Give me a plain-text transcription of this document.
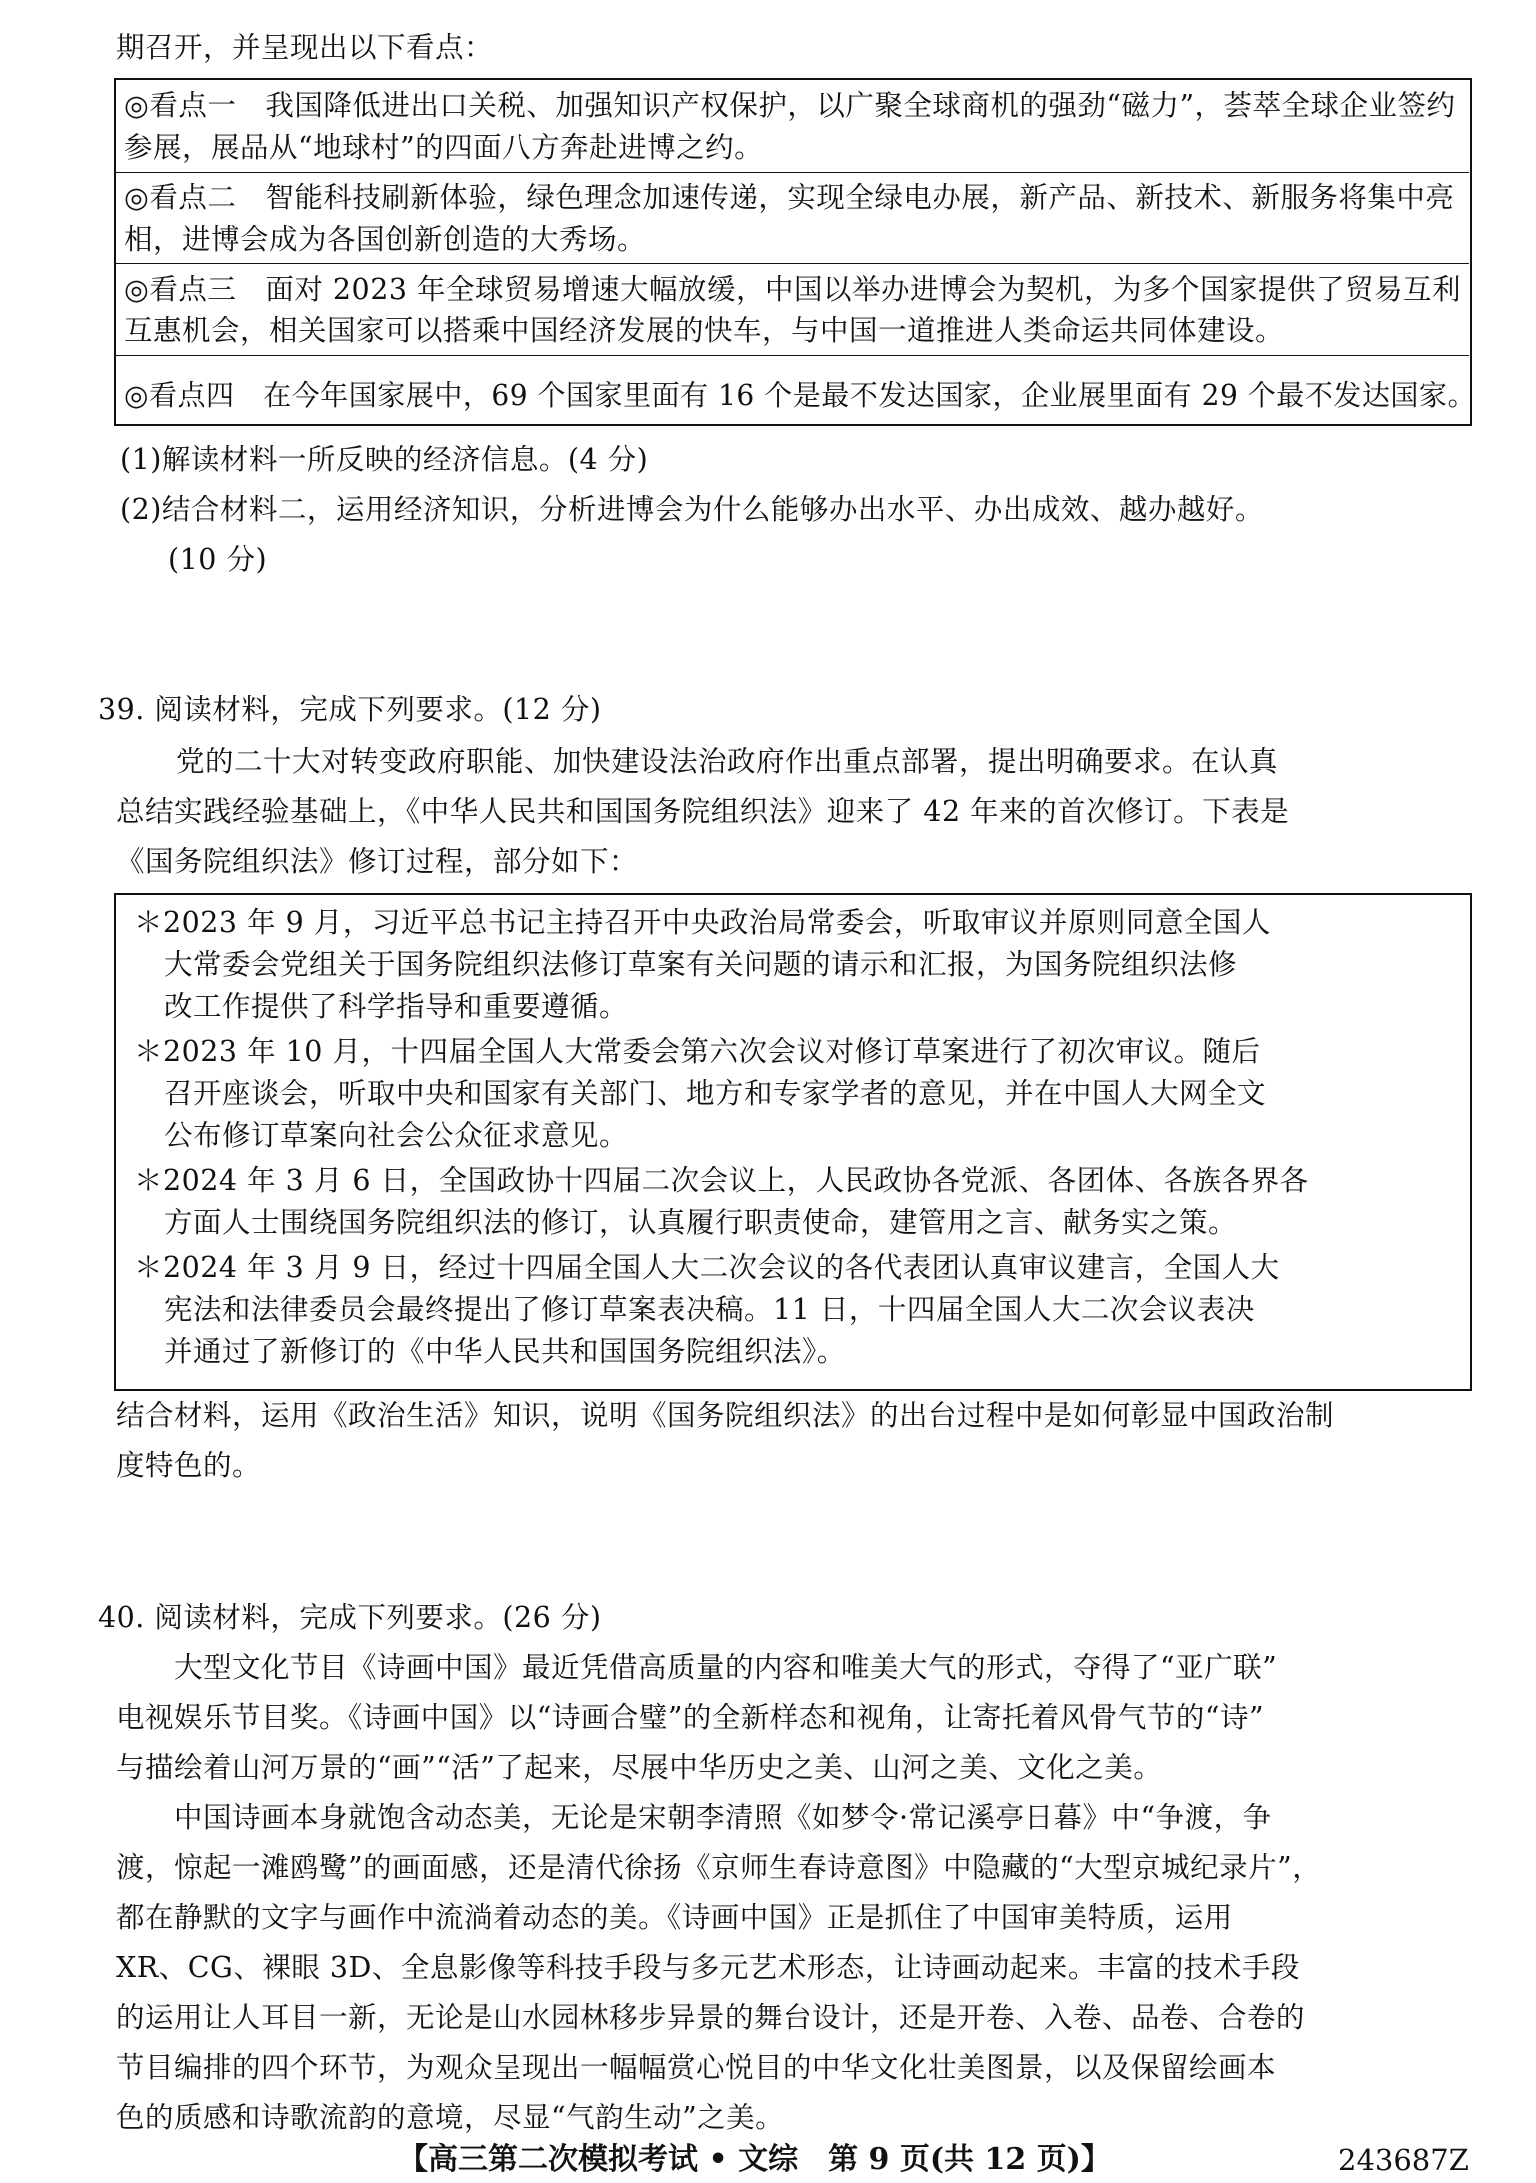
期召开，并呈现出以下看点：
◎看点一　我国降低进出口关税、加强知识产权保护，以广聚全球商机的强劲“磁力”，荟萃全球企业签约
参展，展品从“地球村”的四面八方奔赴进博之约。
◎看点二　智能科技刷新体验，绿色理念加速传递，实现全绿电办展，新产品、新技术、新服务将集中亮
相，进博会成为各国创新创造的大秀场。
◎看点三　面对 2023 年全球贸易增速大幅放缓，中国以举办进博会为契机，为多个国家提供了贸易互利
互惠机会，相关国家可以搭乘中国经济发展的快车，与中国一道推进人类命运共同体建设。
◎看点四　在今年国家展中，69 个国家里面有 16 个是最不发达国家，企业展里面有 29 个最不发达国家。
(1)解读材料一所反映的经济信息。(4 分)
(2)结合材料二，运用经济知识，分析进博会为什么能够办出水平、办出成效、越办越好。
(10 分)
39. 阅读材料，完成下列要求。(12 分)
党的二十大对转变政府职能、加快建设法治政府作出重点部署，提出明确要求。在认真
总结实践经验基础上，《中华人民共和国国务院组织法》迎来了 42 年来的首次修订。下表是
《国务院组织法》修订过程，部分如下：
＊2023 年 9 月，习近平总书记主持召开中央政治局常委会，听取审议并原则同意全国人
大常委会党组关于国务院组织法修订草案有关问题的请示和汇报，为国务院组织法修
改工作提供了科学指导和重要遵循。
＊2023 年 10 月，十四届全国人大常委会第六次会议对修订草案进行了初次审议。随后
召开座谈会，听取中央和国家有关部门、地方和专家学者的意见，并在中国人大网全文
公布修订草案向社会公众征求意见。
＊2024 年 3 月 6 日，全国政协十四届二次会议上，人民政协各党派、各团体、各族各界各
方面人士围绕国务院组织法的修订，认真履行职责使命，建管用之言、献务实之策。
＊2024 年 3 月 9 日，经过十四届全国人大二次会议的各代表团认真审议建言，全国人大
宪法和法律委员会最终提出了修订草案表决稿。11 日，十四届全国人大二次会议表决
并通过了新修订的《中华人民共和国国务院组织法》。
结合材料，运用《政治生活》知识，说明《国务院组织法》的出台过程中是如何彰显中国政治制
度特色的。
40. 阅读材料，完成下列要求。(26 分)
大型文化节目《诗画中国》最近凭借高质量的内容和唯美大气的形式，夺得了“亚广联”
电视娱乐节目奖。《诗画中国》以“诗画合璧”的全新样态和视角，让寄托着风骨气节的“诗”
与描绘着山河万景的“画”“活”了起来，尽展中华历史之美、山河之美、文化之美。
中国诗画本身就饱含动态美，无论是宋朝李清照《如梦令·常记溪亭日暮》中“争渡，争
渡，惊起一滩鸥鹭”的画面感，还是清代徐扬《京师生春诗意图》中隐藏的“大型京城纪录片”，
都在静默的文字与画作中流淌着动态的美。《诗画中国》正是抓住了中国审美特质，运用
XR、CG、裸眼 3D、全息影像等科技手段与多元艺术形态，让诗画动起来。丰富的技术手段
的运用让人耳目一新，无论是山水园林移步异景的舞台设计，还是开卷、入卷、品卷、合卷的
节目编排的四个环节，为观众呈现出一幅幅赏心悦目的中华文化壮美图景，以及保留绘画本
色的质感和诗歌流韵的意境，尽显“气韵生动”之美。
【高三第二次模拟考试 • 文综　第 9 页(共 12 页)】	243687Z
